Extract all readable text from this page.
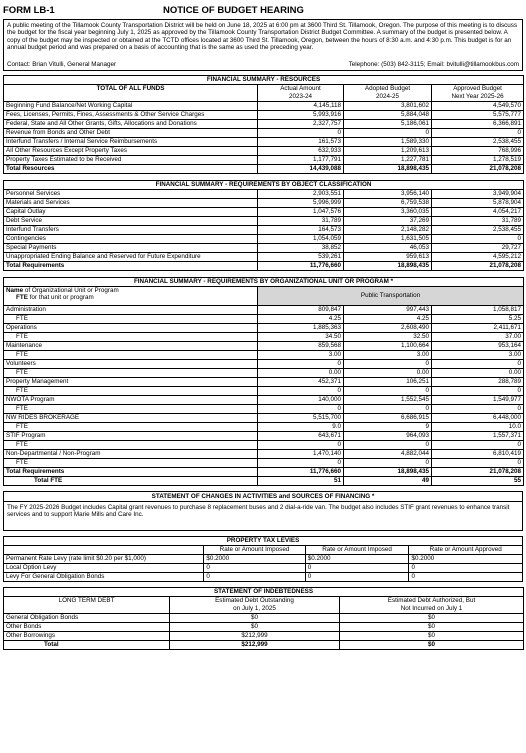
FORM LB-1	NOTICE OF BUDGET HEARING

A public meeting of the Tillamook County Transportation District will be held on June 18, 2025 at 6:00 pm at 3600 Third St. Tillamook, Oregon. The purpose of this meeting is to discuss the budget for the fiscal year beginning July 1, 2025 as approved by the Tillamook County Transportation District Budget Committee. A summary of the budget is presented below. A copy of the budget may be inspected or obtained at the TCTD offices located at 3600 Third St. Tillamook, Oregon, between the hours of 8:30 a.m. and 4:30 p.m. This budget is for an annual budget period and was prepared on a basis of accounting that is the same as used the preceding year.

Contact: Brian Vitulli, General Manager	Telephone: (503) 842-3115; Email: bvitulli@tillamookbus.com
FINANCIAL SUMMARY - RESOURCES			
TOTAL OF ALL FUNDS	Actual Amount	Adopted Budget	Approved Budget
	2023-24	2024-25	Next Year 2025-26
Beginning Fund Balance/Net Working Capital	4,145,118	3,801,602	4,549,570
Fees, Licenses, Permits, Fines, Assessments & Other Service Charges	5,993,916	5,884,048	5,575,777
Federal, State and All Other Grants, Gifts, Allocations and Donations	2,327,757	5,186,061	6,366,891
Revenue from Bonds and Other Debt	0	0	0
Interfund Transfers / Internal Service Reimbursements	161,573	1,589,330	2,538,455
All Other Resources Except Property Taxes	632,933	1,209,613	768,996
Property Taxes Estimated to be Received	1,177,791	1,227,781	1,278,519
Total Resources	14,439,088	18,898,435	21,078,208
FINANCIAL SUMMARY - REQUIREMENTS BY OBJECT CLASSIFICATION			
Personnel Services	2,903,551	3,956,140	3,949,904
Materials and Services	5,996,999	6,759,538	5,878,904
Capital Outlay	1,047,576	3,360,035	4,054,217
Debt Service	31,789	37,269	31,789
Interfund Transfers	164,573	2,148,282	2,538,455
Contingencies	1,054,059	1,631,505	0
Special Payments	38,852	46,053	29,727
Unappropriated Ending Balance and Reserved for Future Expenditure	539,261	959,613	4,595,212
Total Requirements	11,776,660	18,898,435	21,078,208
FINANCIAL SUMMARY - REQUIREMENTS BY ORGANIZATIONAL UNIT OR PROGRAM *			
Name of Organizational Unit or Program
FTE for that unit or program	Public Transportation		
Administration	809,847	997,443	1,058,817
FTE	4.25	4.25	5.25
Operations	1,885,363	2,608,490	2,411,671
FTE	34.50	32.50	37.00
Maintenance	859,568	1,100,664	953,164
FTE	3.00	3.00	3.00
Volunteers	0	0	0
FTE	0.00	0.00	0.00
Property Management	452,371	106,251	288,789
FTE	0	0	0
NWOTA Program	140,000	1,552,545	1,549,977
FTE	0	0	0
NW RIDES BROKERAGE	5,515,700	6,686,915	6,448,000
FTE	9.0	9	10.0
STIF Program	643,671	964,093	1,557,371
FTE	0	0	0
Non-Departmental / Non-Program	1,470,140	4,882,044	6,810,419
FTE	0	0	0
Total Requirements	11,776,660	18,898,435	21,078,208
Total FTE	51	49	55
STATEMENT OF CHANGES IN ACTIVITIES and SOURCES OF FINANCING *

The FY 2025-2026 Budget includes Capital grant revenues to purchase 8 replacement buses and 2 dial-a-ride van. The budget also includes STIF grant revenues to enhance transit services and to support Marie Mills and Care Inc.

PROPERTY TAX LEVIES			
	Rate or Amount Imposed	Rate or Amount Imposed	Rate or Amount Approved
Permanent Rate Levy (rate limit $0.20 per $1,000)	$0.2000	$0.2000	$0.2000
Local Option Levy	0	0	0
Levy For General Obligation Bonds	0	0	0
STATEMENT OF INDEBTEDNESS		
LONG TERM DEBT	Estimated Debt Outstanding	Estimated Debt Authorized, But
	on July 1, 2025	Not Incurred on July 1
General Obligation Bonds	$0	$0
Other Bonds	$0	$0
Other Borrowings	$212,999	$0
Total	$212,999	$0
